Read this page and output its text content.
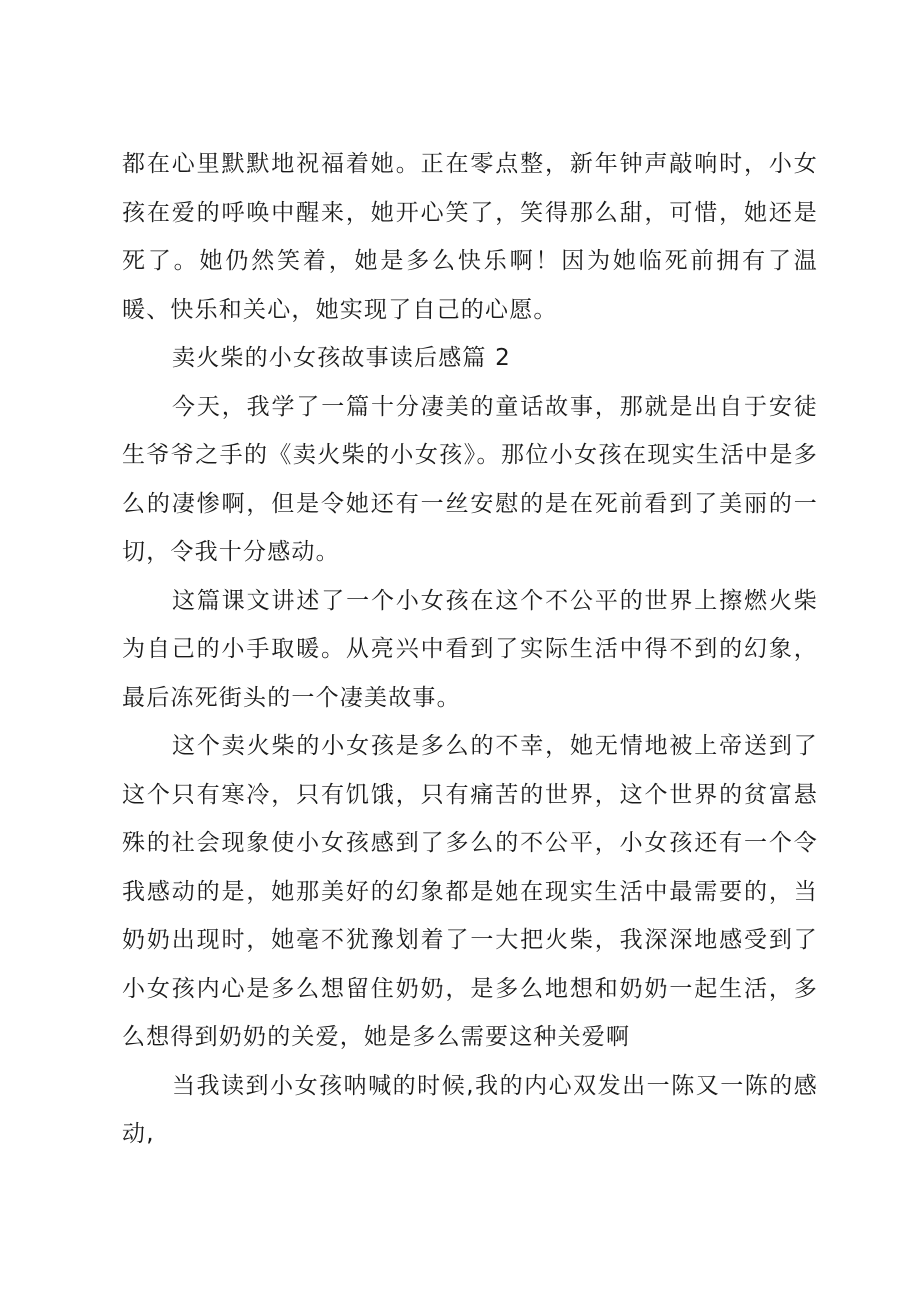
都在心里默默地祝福着她。正在零点整，新年钟声敲响时，小女孩在爱的呼唤中醒来，她开心笑了，笑得那么甜，可惜，她还是死了。她仍然笑着，她是多么快乐啊！因为她临死前拥有了温暖、快乐和关心，她实现了自己的心愿。

卖火柴的小女孩故事读后感篇 2

今天，我学了一篇十分凄美的童话故事，那就是出自于安徒生爷爷之手的《卖火柴的小女孩》。那位小女孩在现实生活中是多么的凄惨啊，但是令她还有一丝安慰的是在死前看到了美丽的一切，令我十分感动。

这篇课文讲述了一个小女孩在这个不公平的世界上擦燃火柴为自己的小手取暖。从亮兴中看到了实际生活中得不到的幻象，最后冻死街头的一个凄美故事。

这个卖火柴的小女孩是多么的不幸，她无情地被上帝送到了这个只有寒冷，只有饥饿，只有痛苦的世界，这个世界的贫富悬殊的社会现象使小女孩感到了多么的不公平，小女孩还有一个令我感动的是，她那美好的幻象都是她在现实生活中最需要的，当奶奶出现时，她毫不犹豫划着了一大把火柴，我深深地感受到了小女孩内心是多么想留住奶奶，是多么地想和奶奶一起生活，多么想得到奶奶的关爱，她是多么需要这种关爱啊

当我读到小女孩呐喊的时候,我的内心双发出一陈又一陈的感动,
